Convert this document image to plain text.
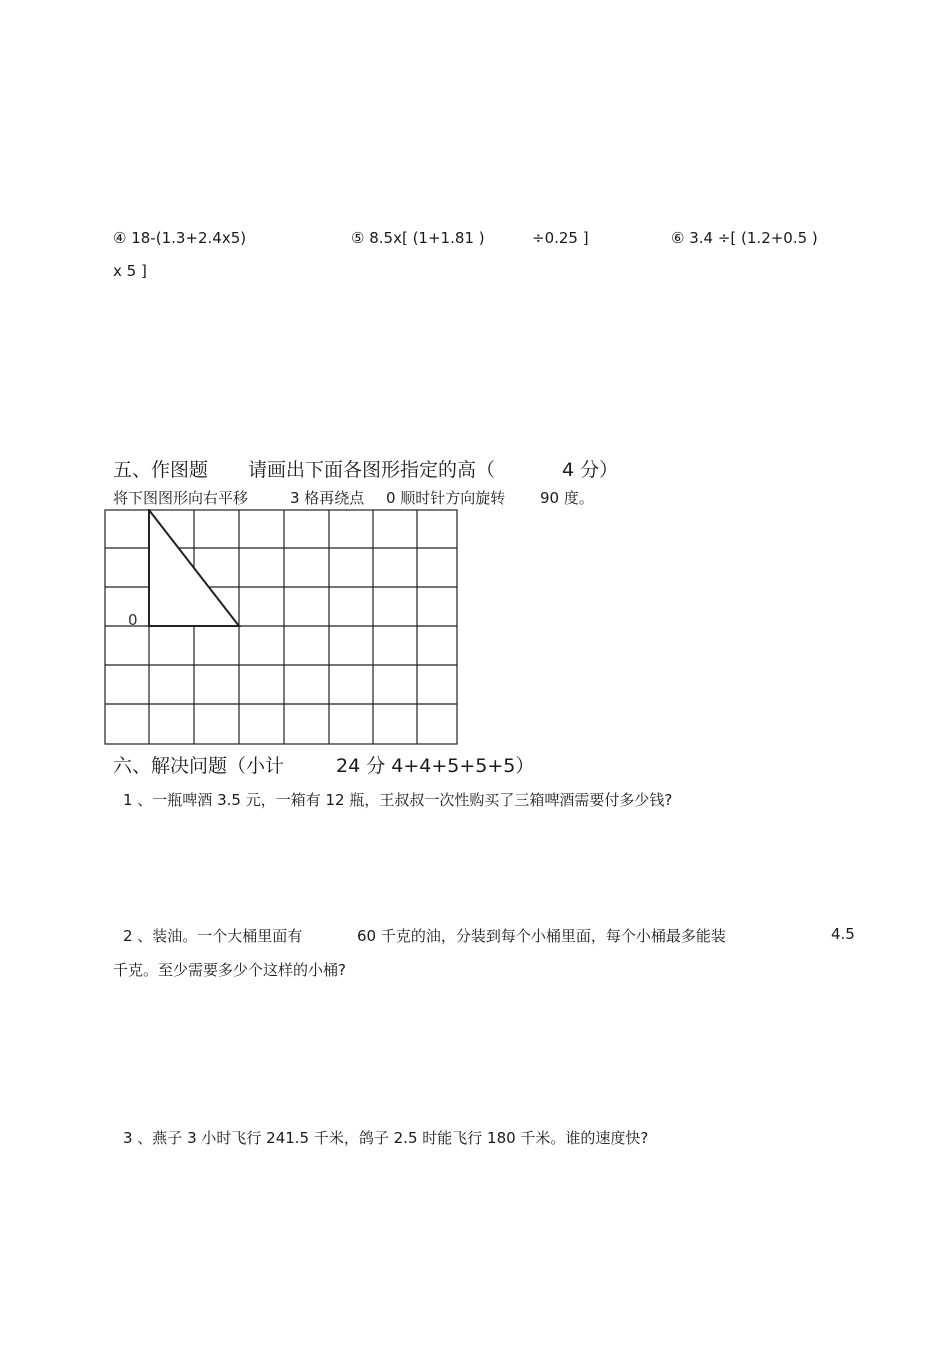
④ 18-(1.3+2.4x5)	⑤ 8.5x[ (1+1.81 )	÷0.25 ]	⑥ 3.4 ÷[ (1.2+0.5 )
x 5 ]
五、作图题 请画出下面各图形指定的高（	4 分）
将下图图形向右平移	3 格再绕点 0 顺时针方向旋转 90 度。
0
六、解决问题（小计	24 分 4+4+5+5+5）
1 、一瓶啤酒 3.5 元，一箱有 12 瓶，王叔叔一次性购买了三箱啤酒需要付多少钱?
2 、装油。一个大桶里面有	60 千克的油，分装到每个小桶里面，每个小桶最多能装	4.5
千克。至少需要多少个这样的小桶?
3 、燕子 3 小时飞行 241.5 千米，鸽子 2.5 时能飞行 180 千米。谁的速度快?
